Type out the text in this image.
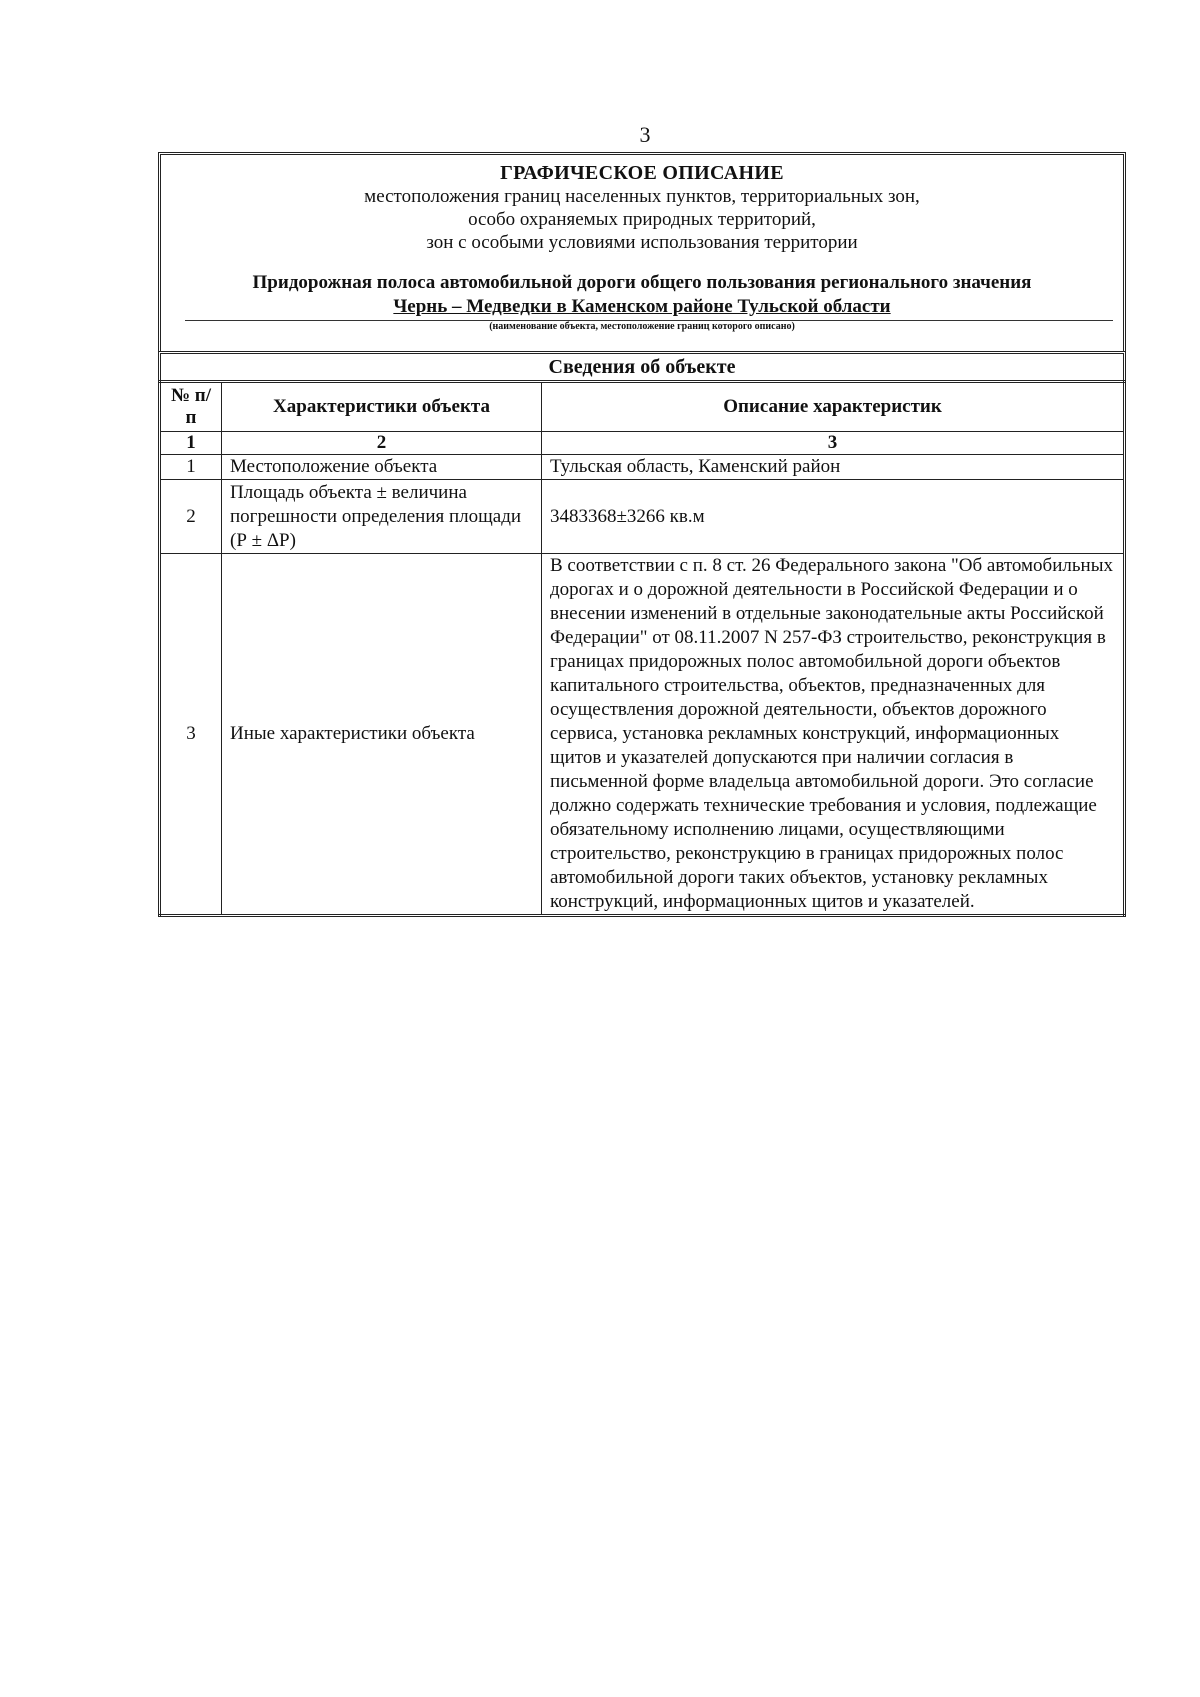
3
ГРАФИЧЕСКОЕ ОПИСАНИЕ
местоположения границ населенных пунктов, территориальных зон,
особо охраняемых природных территорий,
зон с особыми условиями использования территории
Придорожная полоса автомобильной дороги общего пользования регионального значения
Чернь – Медведки в Каменском районе Тульской области
(наименование объекта, местоположение границ которого описано)
Сведения об объекте
№ п/п	Характеристики объекта	Описание характеристик
1	2	3
1	Местоположение объекта	Тульская область, Каменский район
2	Площадь объекта ± величина погрешности определения площади (Р ± ΔР)	3483368±3266 кв.м
3	Иные характеристики объекта	В соответствии с п. 8 ст. 26 Федерального закона "Об автомобильных дорогах и о дорожной деятельности в Российской Федерации и о внесении изменений в отдельные законодательные акты Российской Федерации" от 08.11.2007 N 257-ФЗ строительство, реконструкция в границах придорожных полос автомобильной дороги объектов капитального строительства, объектов, предназначенных для осуществления дорожной деятельности, объектов дорожного сервиса, установка рекламных конструкций, информационных щитов и указателей допускаются при наличии согласия в письменной форме владельца автомобильной дороги. Это согласие должно содержать технические требования и условия, подлежащие обязательному исполнению лицами, осуществляющими строительство, реконструкцию в границах придорожных полос автомобильной дороги таких объектов, установку рекламных конструкций, информационных щитов и указателей.
